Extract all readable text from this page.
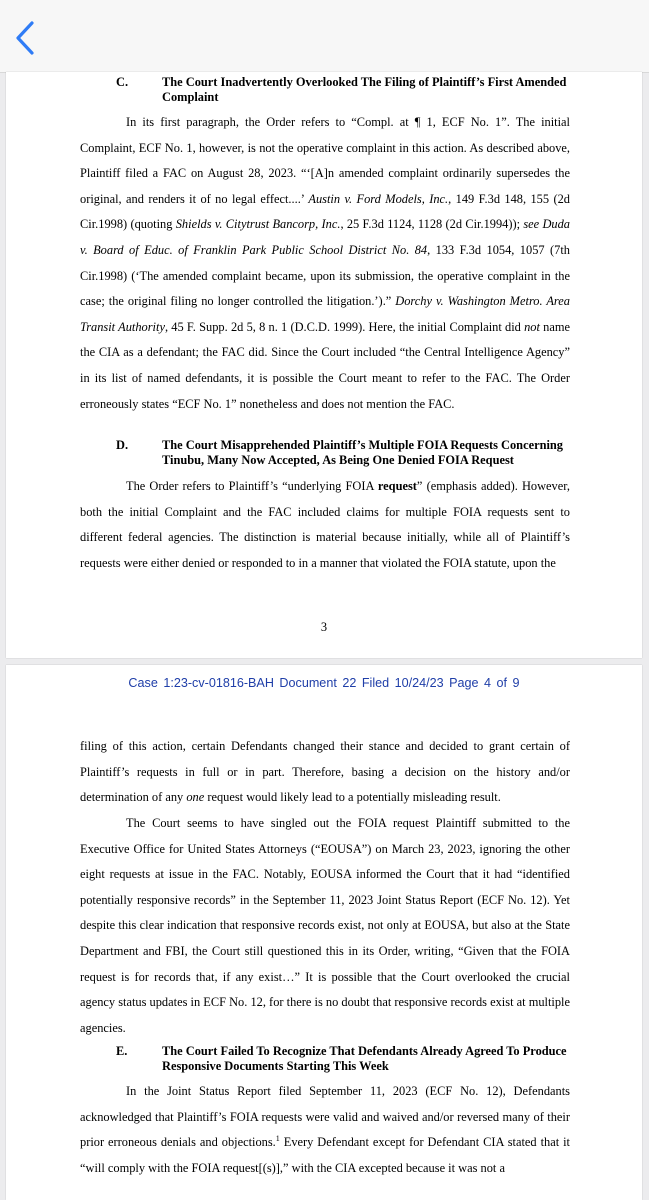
C.	The Court Inadvertently Overlooked The Filing of Plaintiff’s First Amended Complaint
In its first paragraph, the Order refers to “Compl. at ¶ 1, ECF No. 1”. The initial Complaint, ECF No. 1, however, is not the operative complaint in this action. As described above, Plaintiff filed a FAC on August 28, 2023. “‘[A]n amended complaint ordinarily supersedes the original, and renders it of no legal effect....’ Austin v. Ford Models, Inc., 149 F.3d 148, 155 (2d Cir.1998) (quoting Shields v. Citytrust Bancorp, Inc., 25 F.3d 1124, 1128 (2d Cir.1994)); see Duda v. Board of Educ. of Franklin Park Public School District No. 84, 133 F.3d 1054, 1057 (7th Cir.1998) (‘The amended complaint became, upon its submission, the operative complaint in the case; the original filing no longer controlled the litigation.’).” Dorchy v. Washington Metro. Area Transit Authority, 45 F. Supp. 2d 5, 8 n. 1 (D.C.D. 1999). Here, the initial Complaint did not name the CIA as a defendant; the FAC did. Since the Court included “the Central Intelligence Agency” in its list of named defendants, it is possible the Court meant to refer to the FAC. The Order erroneously states “ECF No. 1” nonetheless and does not mention the FAC.
D.	The Court Misapprehended Plaintiff’s Multiple FOIA Requests Concerning Tinubu, Many Now Accepted, As Being One Denied FOIA Request
The Order refers to Plaintiff’s “underlying FOIA request” (emphasis added). However, both the initial Complaint and the FAC included claims for multiple FOIA requests sent to different federal agencies. The distinction is material because initially, while all of Plaintiff’s requests were either denied or responded to in a manner that violated the FOIA statute, upon the
3
Case 1:23-cv-01816-BAH Document 22 Filed 10/24/23 Page 4 of 9
filing of this action, certain Defendants changed their stance and decided to grant certain of Plaintiff’s requests in full or in part. Therefore, basing a decision on the history and/or determination of any one request would likely lead to a potentially misleading result.
The Court seems to have singled out the FOIA request Plaintiff submitted to the Executive Office for United States Attorneys (“EOUSA”) on March 23, 2023, ignoring the other eight requests at issue in the FAC. Notably, EOUSA informed the Court that it had “identified potentially responsive records” in the September 11, 2023 Joint Status Report (ECF No. 12). Yet despite this clear indication that responsive records exist, not only at EOUSA, but also at the State Department and FBI, the Court still questioned this in its Order, writing, “Given that the FOIA request is for records that, if any exist…” It is possible that the Court overlooked the crucial agency status updates in ECF No. 12, for there is no doubt that responsive records exist at multiple agencies.
E.	The Court Failed To Recognize That Defendants Already Agreed To Produce Responsive Documents Starting This Week
In the Joint Status Report filed September 11, 2023 (ECF No. 12), Defendants acknowledged that Plaintiff’s FOIA requests were valid and waived and/or reversed many of their prior erroneous denials and objections.$^1$ Every Defendant except for Defendant CIA stated that it “will comply with the FOIA request[(s)],” with the CIA excepted because it was not a
